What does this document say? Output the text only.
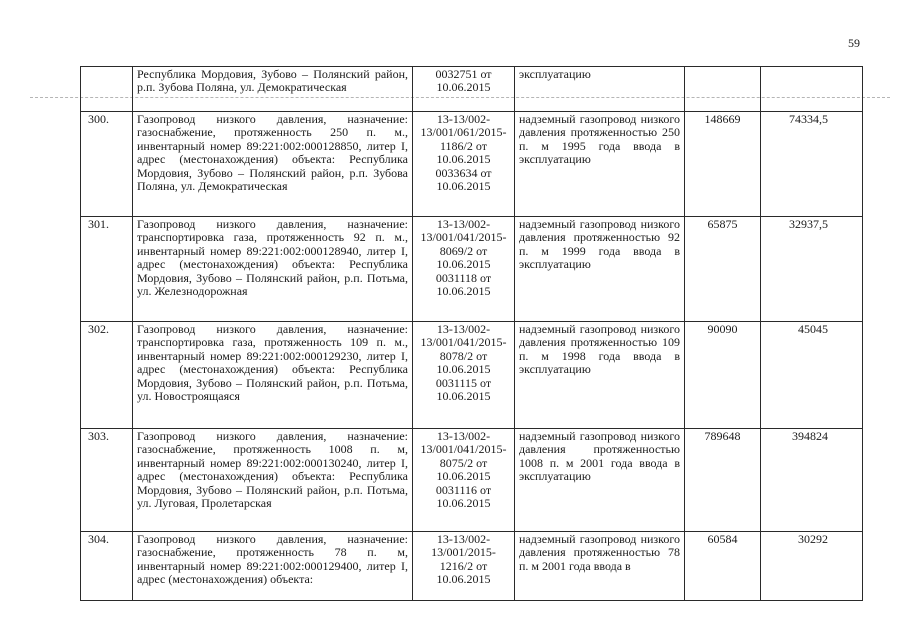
59
	Республика Мордовия, Зубово – Полянский район, р.п. Зубова Поляна, ул. Демократическая	0032751 от 10.06.2015	эксплуатацию		
300.	Газопровод низкого давления, назначение: газоснабжение, протяженность 250 п. м., инвентарный номер 89:221:002:000128850, литер I, адрес (местонахождения) объекта: Республика Мордовия, Зубово – Полянский район, р.п. Зубова Поляна, ул. Демократическая	13-13/002-13/001/061/2015-1186/2 от 10.06.2015 0033634 от 10.06.2015	надземный газопровод низкого давления протяженностью 250 п. м 1995 года ввода в эксплуатацию	148669	74334,5
301.	Газопровод низкого давления, назначение: транспортировка газа, протяженность 92 п. м., инвентарный номер 89:221:002:000128940, литер I, адрес (местонахождения) объекта: Республика Мордовия, Зубово – Полянский район, р.п. Потьма, ул. Железнодорожная	13-13/002-13/001/041/2015-8069/2 от 10.06.2015 0031118 от 10.06.2015	надземный газопровод низкого давления протяженностью 92 п. м 1999 года ввода в эксплуатацию	65875	32937,5
302.	Газопровод низкого давления, назначение: транспортировка газа, протяженность 109 п. м., инвентарный номер 89:221:002:000129230, литер I, адрес (местонахождения) объекта: Республика Мордовия, Зубово – Полянский район, р.п. Потьма, ул. Новостроящаяся	13-13/002-13/001/041/2015-8078/2 от 10.06.2015 0031115 от 10.06.2015	надземный газопровод низкого давления протяженностью 109 п. м 1998 года ввода в эксплуатацию	90090	45045
303.	Газопровод низкого давления, назначение: газоснабжение, протяженность 1008 п. м, инвентарный номер 89:221:002:000130240, литер I, адрес (местонахождения) объекта: Республика Мордовия, Зубово – Полянский район, р.п. Потьма, ул. Луговая, Пролетарская	13-13/002-13/001/041/2015-8075/2 от 10.06.2015 0031116 от 10.06.2015	надземный газопровод низкого давления протяженностью 1008 п. м 2001 года ввода в эксплуатацию	789648	394824
304.	Газопровод низкого давления, назначение: газоснабжение, протяженность 78 п. м, инвентарный номер 89:221:002:000129400, литер I, адрес (местонахождения) объекта:	13-13/002-13/001/2015-1216/2 от 10.06.2015	надземный газопровод низкого давления протяженностью 78 п. м 2001 года ввода в	60584	30292
